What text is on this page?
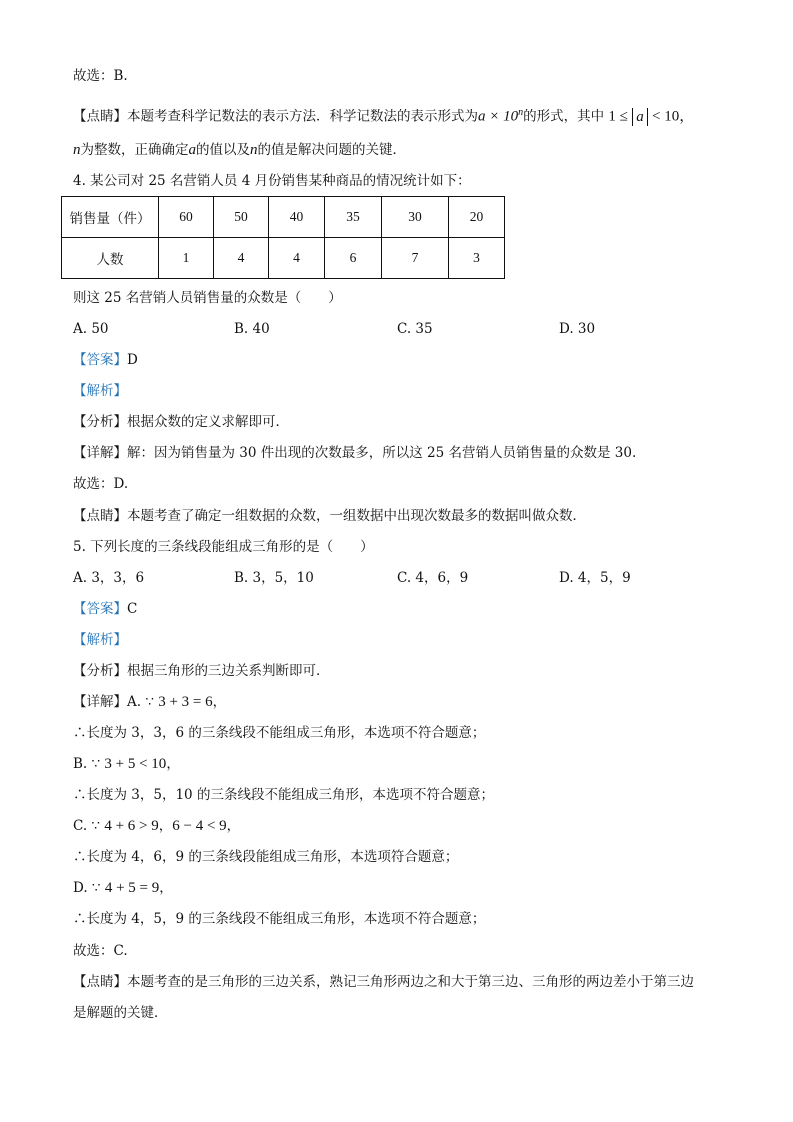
故选：B.
【点睛】本题考查科学记数法的表示方法．科学记数法的表示形式为$a \times 10^n$的形式，其中 1 ≤ a < 10，
n为整数，正确确定a的值以及n的值是解决问题的关键．
4. 某公司对 25 名营销人员 4 月份销售某种商品的情况统计如下：
销售量（件）	60	50	40	35	30	20
人数	1	4	4	6	7	3
则这 25 名营销人员销售量的众数是（　　）
A. 50	B. 40	C. 35	D. 30
【答案】D
【解析】
【分析】根据众数的定义求解即可．
【详解】解：因为销售量为 30 件出现的次数最多，所以这 25 名营销人员销售量的众数是 30.
故选：D.
【点睛】本题考查了确定一组数据的众数，一组数据中出现次数最多的数据叫做众数．
5. 下列长度的三条线段能组成三角形的是（　　）
A. 3，3，6	B. 3，5，10	C. 4，6，9	D. 4，5，9
【答案】C
【解析】
【分析】根据三角形的三边关系判断即可．
【详解】A. ∵ 3 + 3 = 6，
∴长度为 3，3，6 的三条线段不能组成三角形，本选项不符合题意；
B. ∵ 3 + 5 < 10，
∴长度为 3，5，10 的三条线段不能组成三角形，本选项不符合题意；
C. ∵ 4 + 6 > 9，6 − 4 < 9，
∴长度为 4，6，9 的三条线段能组成三角形，本选项符合题意；
D. ∵ 4 + 5 = 9，
∴长度为 4，5，9 的三条线段不能组成三角形，本选项不符合题意；
故选：C.
【点睛】本题考查的是三角形的三边关系，熟记三角形两边之和大于第三边、三角形的两边差小于第三边
是解题的关键．
